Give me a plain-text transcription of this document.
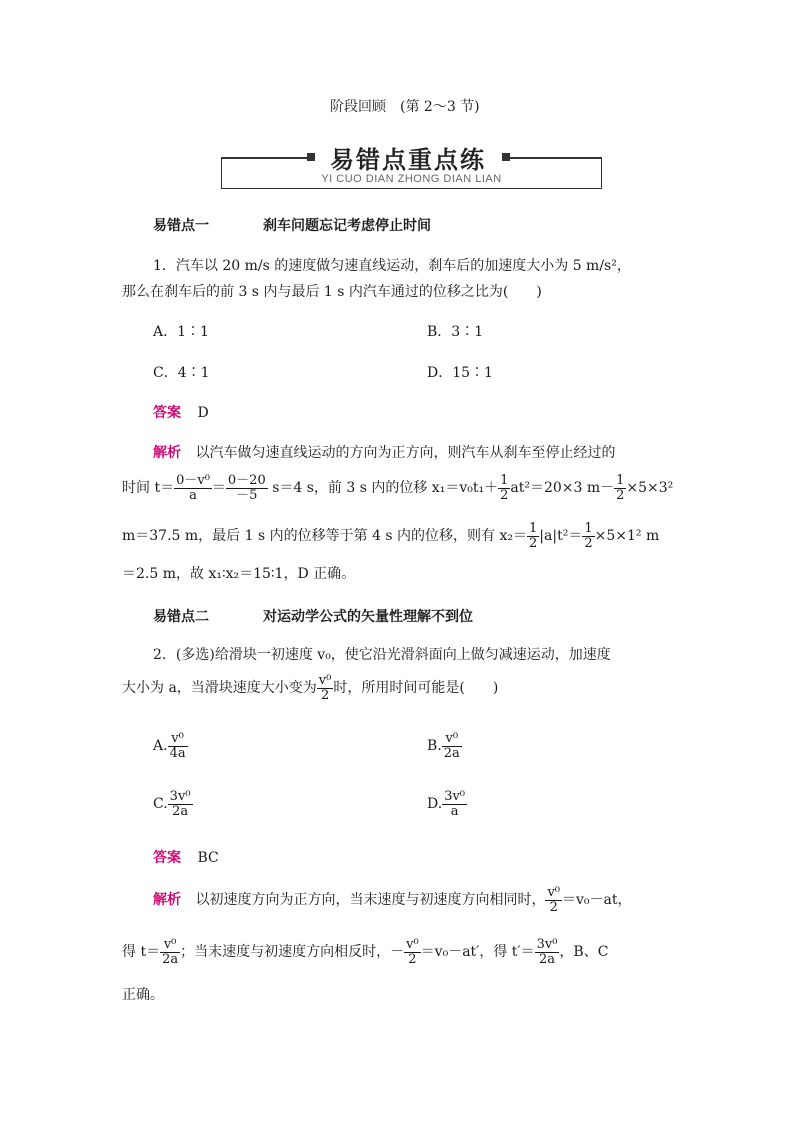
阶段回顾　(第 2～3 节)
易错点重点练
YI CUO DIAN ZHONG DIAN LIAN
易错点一	刹车问题忘记考虑停止时间
1．汽车以 20 m/s 的速度做匀速直线运动，刹车后的加速度大小为 5 m/s²，
那么在刹车后的前 3 s 内与最后 1 s 内汽车通过的位移之比为(　　)
A．1∶1	B．3∶1
C．4∶1	D．15∶1
答案 D
解析 以汽车做匀速直线运动的方向为正方向，则汽车从刹车至停止经过的
时间 $t= \frac{\text{0－v⁰}}{a} = \frac{0-20}{-5} s=4$ s，前 3 s 内的位移 $x_1=v_0t_1+ \frac{1}{2} at^2=20\times 3$ $m- \frac{1}{2} \times 5\times 3^2$
m＝37.5 m，最后 1 s 内的位移等于第 4 s 内的位移，则有 $x_2= \frac{1}{2} |a|t^2= \frac{1}{2} \times 5\times 1^2$ m
＝2.5 m，故 x₁∶x₂＝15∶1，D 正确。
易错点二	对运动学公式的矢量性理解不到位
2．(多选)给滑块一初速度 v₀，使它沿光滑斜面向上做匀减速运动，加速度
大小为 a，当滑块速度大小变为 $\frac{\text{v⁰}}{2}$ 时，所用时间可能是(　　)
A. $\frac{\text{v⁰}}{4a}$	B. $\frac{\text{v⁰}}{2a}$
C. $\frac{\text{3v⁰}}{2a}$	D. $\frac{\text{3v⁰}}{a}$
答案 BC
解析 以初速度方向为正方向，当末速度与初速度方向相同时， $\frac{\text{v⁰}}{2} =v_0-at$，
得 $t= \frac{\text{v⁰}}{2a}$ ；当末速度与初速度方向相反时，－ $\frac{\text{v⁰}}{2} =v_0-at'$，得 $t'= \frac{\text{3v⁰}}{2a}$ ，B、C
正确。
